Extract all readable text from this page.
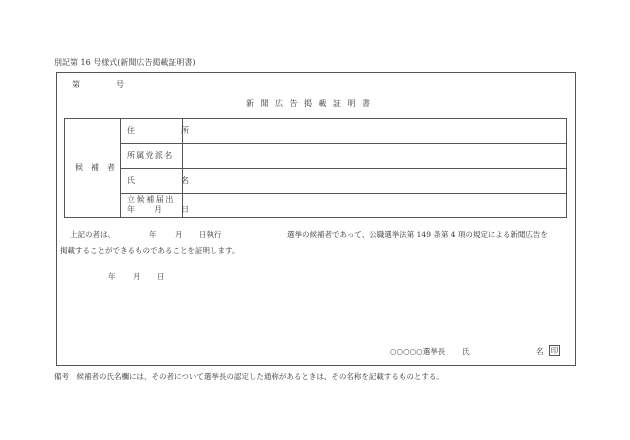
別記第 16 号様式(新聞広告掲載証明書)
第	号
新聞広告掲載証明書
候補者
住	所
所属党派名
氏	名
立候補届出
年 月 日
上記の者は、	年 月 日執行	選挙の候補者であって、公職選挙法第 149 条第 4 項の規定による新聞広告を
掲載することができるものであることを証明します。
年 月 日
○○○○○選挙長 氏	名 印
備考　候補者の氏名欄には、その者について選挙長の認定した通称があるときは、その名称を記載するものとする。
